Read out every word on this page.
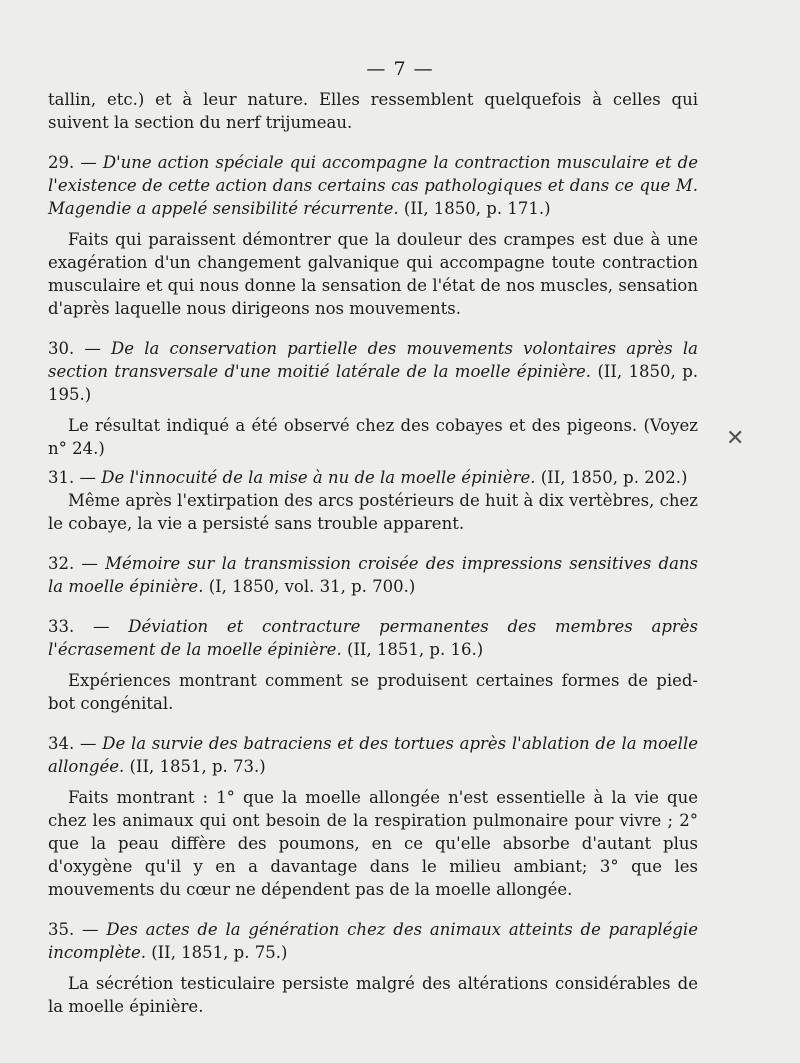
— 7 —
✕

tallin, etc.) et à leur nature. Elles ressemblent quelquefois à celles qui suivent la section du nerf trijumeau.

29. — D'une action spéciale qui accompagne la contraction musculaire et de l'existence de cette action dans certains cas pathologiques et dans ce que M. Magendie a appelé sensibilité récurrente. (II, 1850, p. 171.)

Faits qui paraissent démontrer que la douleur des crampes est due à une exagération d'un changement galvanique qui accompagne toute contraction musculaire et qui nous donne la sensation de l'état de nos muscles, sensation d'après laquelle nous dirigeons nos mouvements.

30. — De la conservation partielle des mouvements volontaires après la section transversale d'une moitié latérale de la moelle épinière. (II, 1850, p. 195.)

Le résultat indiqué a été observé chez des cobayes et des pigeons. (Voyez n° 24.)

31. — De l'innocuité de la mise à nu de la moelle épinière. (II, 1850, p. 202.)

Même après l'extirpation des arcs postérieurs de huit à dix vertèbres, chez le cobaye, la vie a persisté sans trouble apparent.

32. — Mémoire sur la transmission croisée des impressions sensitives dans la moelle épinière. (I, 1850, vol. 31, p. 700.)

33. — Déviation et contracture permanentes des membres après l'écrasement de la moelle épinière. (II, 1851, p. 16.)

Expériences montrant comment se produisent certaines formes de pied-bot congénital.

34. — De la survie des batraciens et des tortues après l'ablation de la moelle allongée. (II, 1851, p. 73.)

Faits montrant : 1° que la moelle allongée n'est essentielle à la vie que chez les animaux qui ont besoin de la respiration pulmonaire pour vivre ; 2° que la peau diffère des poumons, en ce qu'elle absorbe d'autant plus d'oxygène qu'il y en a davantage dans le milieu ambiant; 3° que les mouvements du cœur ne dépendent pas de la moelle allongée.

35. — Des actes de la génération chez des animaux atteints de paraplégie incomplète. (II, 1851, p. 75.)

La sécrétion testiculaire persiste malgré des altérations considérables de la moelle épinière.
